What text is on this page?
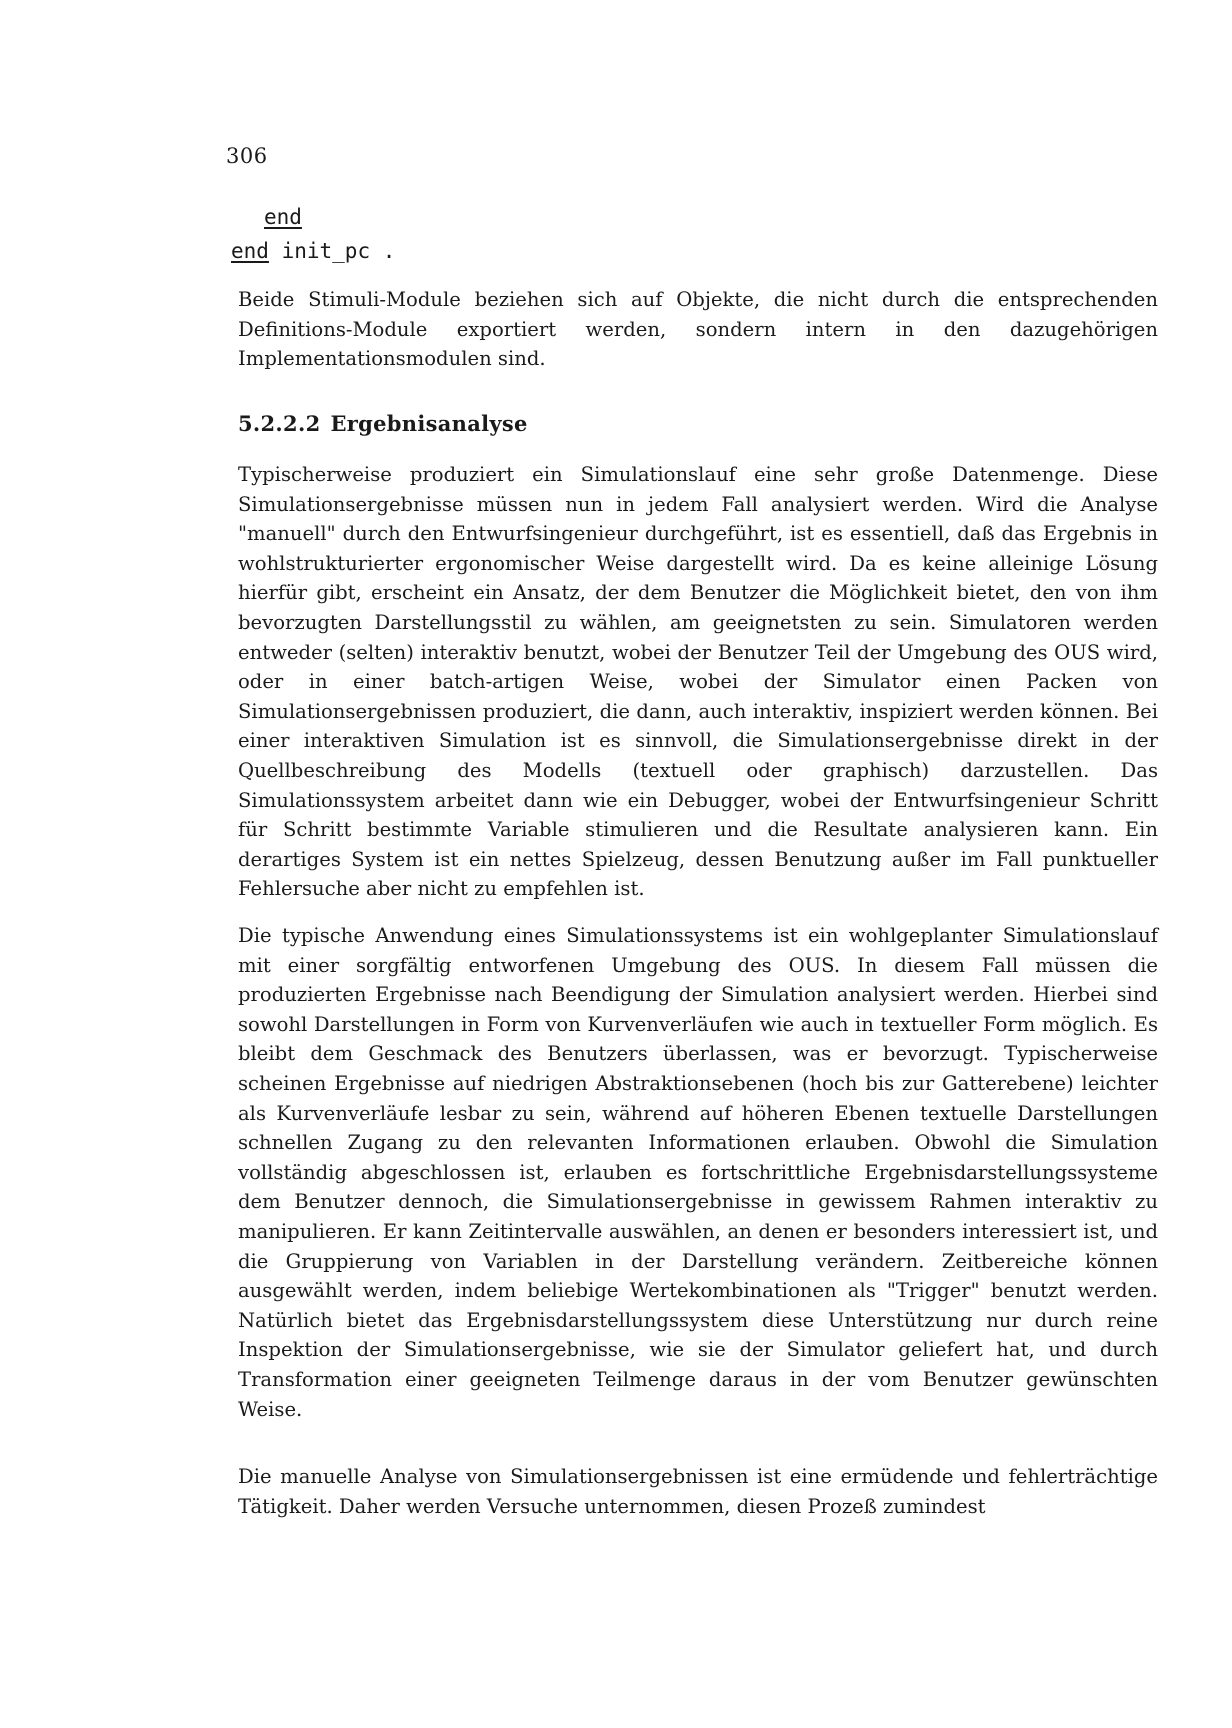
306
end
end init_pc .

Beide Stimuli-Module beziehen sich auf Objekte, die nicht durch die entsprechenden Definitions-Module exportiert werden, sondern intern in den dazugehörigen Implementationsmodulen sind.

5.2.2.2 Ergebnisanalyse

Typischerweise produziert ein Simulationslauf eine sehr große Datenmenge. Diese Simulationsergebnisse müssen nun in jedem Fall analysiert werden. Wird die Analyse "manuell" durch den Entwurfsingenieur durchgeführt, ist es essentiell, daß das Ergebnis in wohlstrukturierter ergonomischer Weise dargestellt wird. Da es keine alleinige Lösung hierfür gibt, erscheint ein Ansatz, der dem Benutzer die Möglichkeit bietet, den von ihm bevorzugten Darstellungsstil zu wählen, am geeignetsten zu sein. Simulatoren werden entweder (selten) interaktiv benutzt, wobei der Benutzer Teil der Umgebung des OUS wird, oder in einer batch-artigen Weise, wobei der Simulator einen Packen von Simulationsergebnissen produziert, die dann, auch interaktiv, inspiziert werden können. Bei einer interaktiven Simulation ist es sinnvoll, die Simulationsergebnisse direkt in der Quellbeschreibung des Modells (textuell oder graphisch) darzustellen. Das Simulationssystem arbeitet dann wie ein Debugger, wobei der Entwurfsingenieur Schritt für Schritt bestimmte Variable stimulieren und die Resultate analysieren kann. Ein derartiges System ist ein nettes Spielzeug, dessen Benutzung außer im Fall punktueller Fehlersuche aber nicht zu empfehlen ist.

Die typische Anwendung eines Simulationssystems ist ein wohlgeplanter Simulationslauf mit einer sorgfältig entworfenen Umgebung des OUS. In diesem Fall müssen die produzierten Ergebnisse nach Beendigung der Simulation analysiert werden. Hierbei sind sowohl Darstellungen in Form von Kurvenverläufen wie auch in textueller Form möglich. Es bleibt dem Geschmack des Benutzers überlassen, was er bevorzugt. Typischerweise scheinen Ergebnisse auf niedrigen Abstraktionsebenen (hoch bis zur Gatterebene) leichter als Kurvenverläufe lesbar zu sein, während auf höheren Ebenen textuelle Darstellungen schnellen Zugang zu den relevanten Informationen erlauben. Obwohl die Simulation vollständig abgeschlossen ist, erlauben es fortschrittliche Ergebnisdarstellungssysteme dem Benutzer dennoch, die Simulationsergebnisse in gewissem Rahmen interaktiv zu manipulieren. Er kann Zeitintervalle auswählen, an denen er besonders interessiert ist, und die Gruppierung von Variablen in der Darstellung verändern. Zeitbereiche können ausgewählt werden, indem beliebige Wertekombinationen als "Trigger" benutzt werden. Natürlich bietet das Ergebnisdarstellungssystem diese Unterstützung nur durch reine Inspektion der Simulationsergebnisse, wie sie der Simulator geliefert hat, und durch Transformation einer geeigneten Teilmenge daraus in der vom Benutzer gewünschten Weise.

Die manuelle Analyse von Simulationsergebnissen ist eine ermüdende und fehlerträchtige Tätigkeit. Daher werden Versuche unternommen, diesen Prozeß zumindest
